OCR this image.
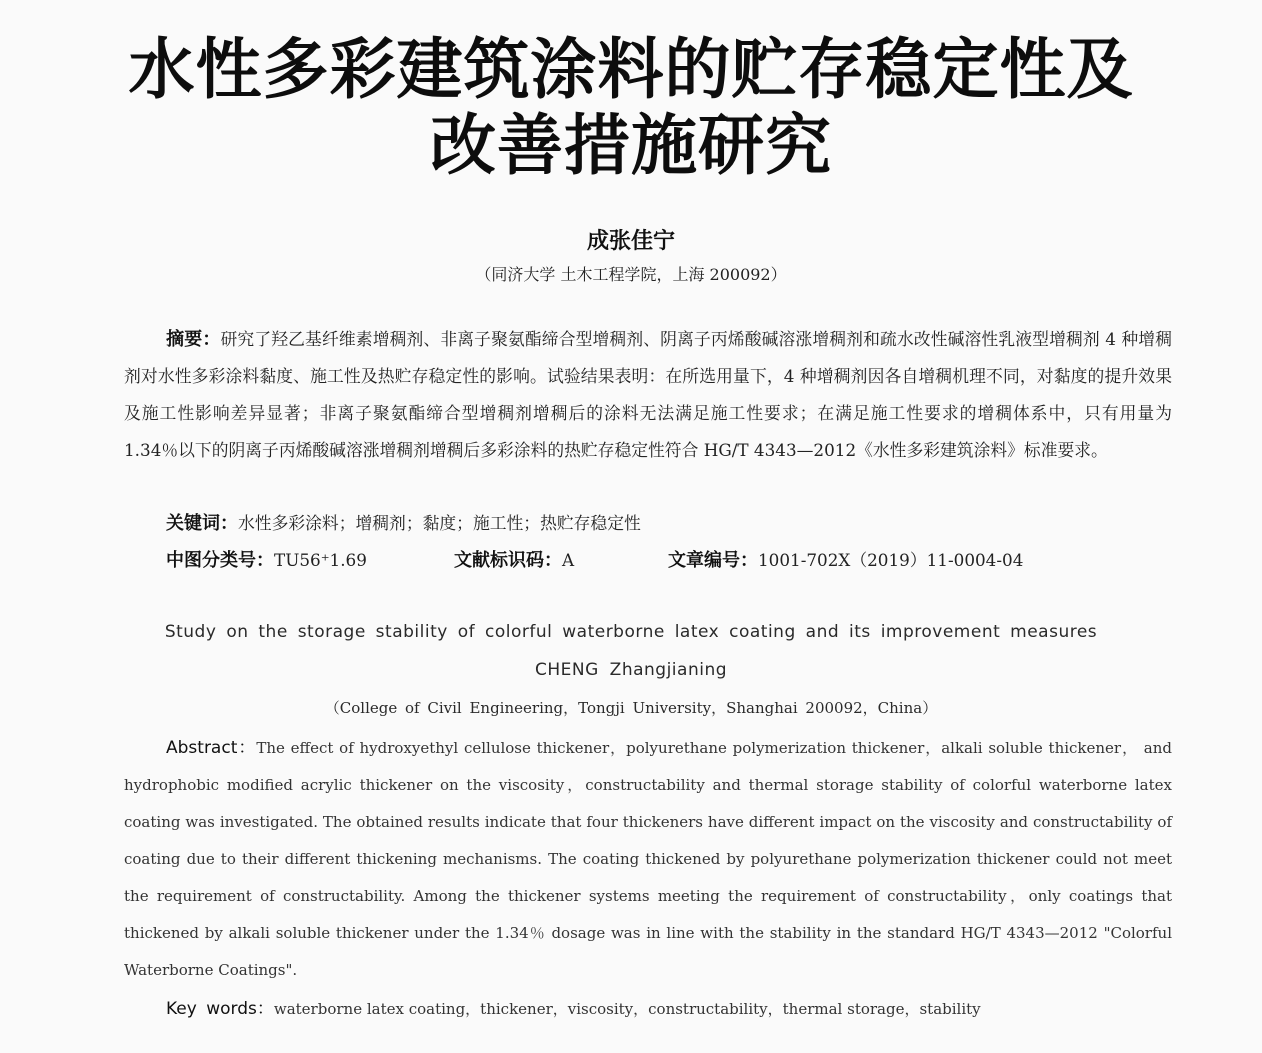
水性多彩建筑涂料的贮存稳定性及
改善措施研究
成张佳宁
（同济大学 土木工程学院，上海 200092）
摘要：研究了羟乙基纤维素增稠剂、非离子聚氨酯缔合型增稠剂、阴离子丙烯酸碱溶涨增稠剂和疏水改性碱溶性乳液型增稠剂 4 种增稠剂对水性多彩涂料黏度、施工性及热贮存稳定性的影响。试验结果表明：在所选用量下，4 种增稠剂因各自增稠机理不同，对黏度的提升效果及施工性影响差异显著；非离子聚氨酯缔合型增稠剂增稠后的涂料无法满足施工性要求；在满足施工性要求的增稠体系中，只有用量为 1.34％以下的阴离子丙烯酸碱溶涨增稠剂增稠后多彩涂料的热贮存稳定性符合 HG/T 4343—2012《水性多彩建筑涂料》标准要求。
关键词：水性多彩涂料；增稠剂；黏度；施工性；热贮存稳定性
中图分类号：TU56⁺1.69	文献标识码：A	文章编号：1001-702X（2019）11-0004-04
Study on the storage stability of colorful waterborne latex coating and its improvement measures
CHENG Zhangjianing
（College of Civil Engineering，Tongji University，Shanghai 200092，China）
Abstract：The effect of hydroxyethyl cellulose thickener，polyurethane polymerization thickener，alkali soluble thickener， and hydrophobic modified acrylic thickener on the viscosity，constructability and thermal storage stability of colorful waterborne latex coating was investigated. The obtained results indicate that four thickeners have different impact on the viscosity and constructability of coating due to their different thickening mechanisms. The coating thickened by polyurethane polymerization thickener could not meet the requirement of constructability. Among the thickener systems meeting the requirement of constructability，only coatings that thickened by alkali soluble thickener under the 1.34％ dosage was in line with the stability in the standard HG/T 4343—2012 "Colorful Waterborne Coatings".
Key words：waterborne latex coating，thickener，viscosity，constructability，thermal storage，stability
